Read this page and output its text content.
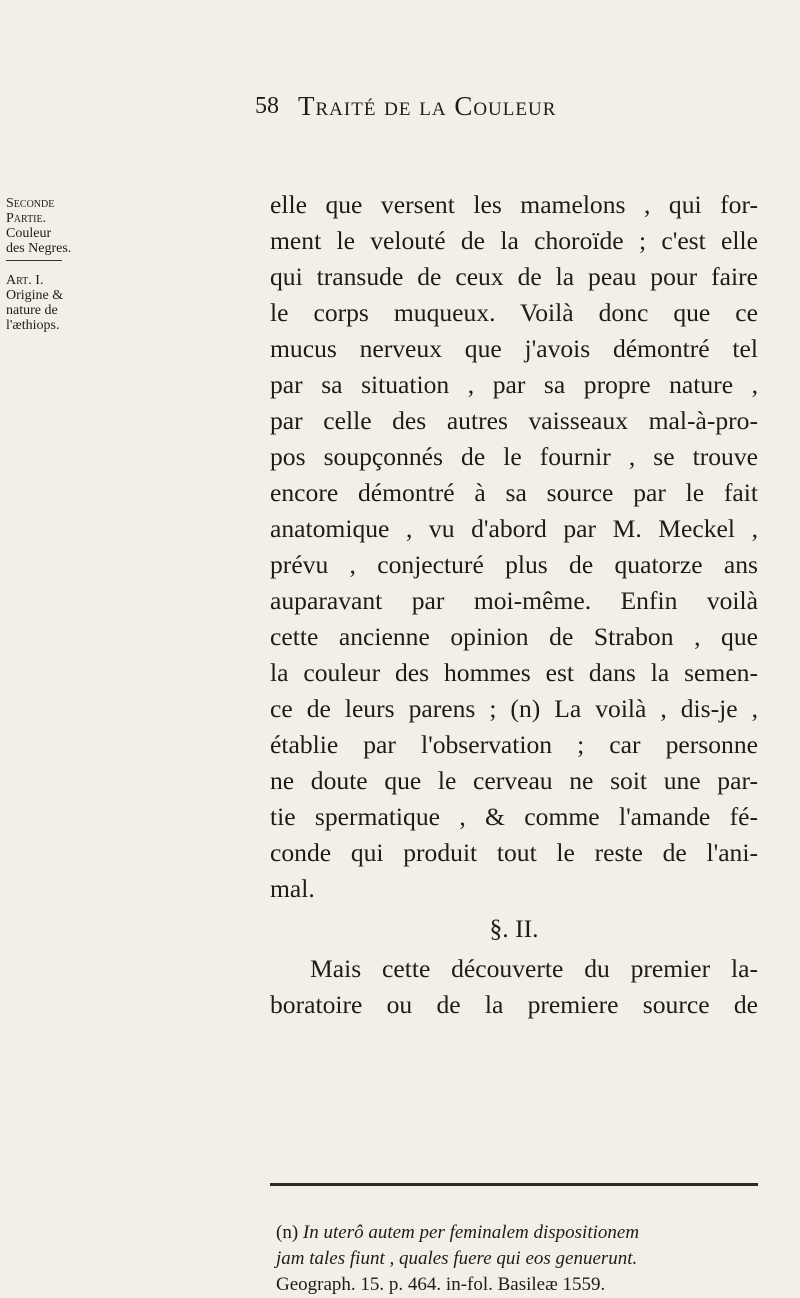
58 Traité de la Couleur
Seconde
Partie.
Couleur
des Negres.
Art. I.
Origine &
nature de
l'æthiops.
elle que versent les mamelons , qui for-
ment le velouté de la choroïde ; c'est elle
qui transude de ceux de la peau pour faire
le corps muqueux. Voilà donc que ce
mucus nerveux que j'avois démontré tel
par sa situation , par sa propre nature ,
par celle des autres vaisseaux mal-à-pro-
pos soupçonnés de le fournir , se trouve
encore démontré à sa source par le fait
anatomique , vu d'abord par M. Meckel ,
prévu , conjecturé plus de quatorze ans
auparavant par moi-même. Enfin voilà
cette ancienne opinion de Strabon , que
la couleur des hommes est dans la semen-
ce de leurs parens ; (n) La voilà , dis-je ,
établie par l'observation ; car personne
ne doute que le cerveau ne soit une par-
tie spermatique , & comme l'amande fé-
conde qui produit tout le reste de l'ani-
mal.
§. II.
Mais cette découverte du premier la-
boratoire ou de la premiere source de
(n) In uterô autem per feminalem dispositionem
jam tales fiunt , quales fuere qui eos genuerunt.
Geograph. 15. p. 464. in-fol. Basileæ 1559.
